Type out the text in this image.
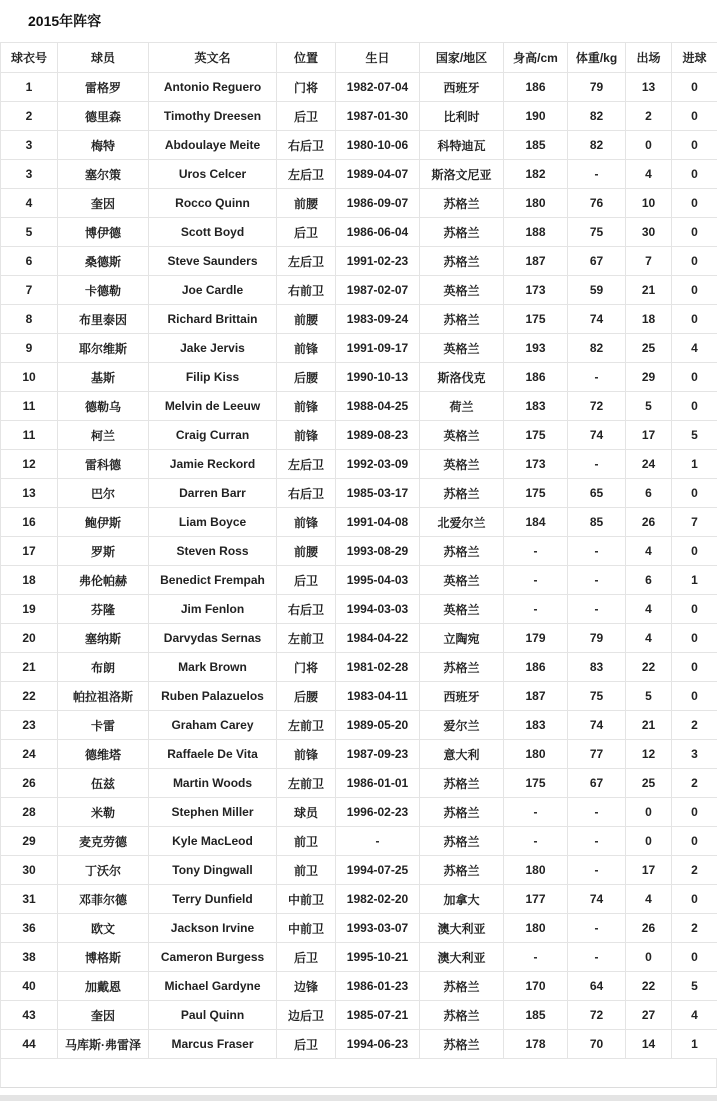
2015年阵容
球衣号	球员	英文名	位置	生日	国家/地区	身高/cm	体重/kg	出场	进球
1	雷格罗	Antonio Reguero	门将	1982-07-04	西班牙	186	79	13	0
2	德里森	Timothy Dreesen	后卫	1987-01-30	比利时	190	82	2	0
3	梅特	Abdoulaye Meite	右后卫	1980-10-06	科特迪瓦	185	82	0	0
3	塞尔策	Uros Celcer	左后卫	1989-04-07	斯洛文尼亚	182	-	4	0
4	奎因	Rocco Quinn	前腰	1986-09-07	苏格兰	180	76	10	0
5	博伊德	Scott Boyd	后卫	1986-06-04	苏格兰	188	75	30	0
6	桑德斯	Steve Saunders	左后卫	1991-02-23	苏格兰	187	67	7	0
7	卡德勒	Joe Cardle	右前卫	1987-02-07	英格兰	173	59	21	0
8	布里泰因	Richard Brittain	前腰	1983-09-24	苏格兰	175	74	18	0
9	耶尔维斯	Jake Jervis	前锋	1991-09-17	英格兰	193	82	25	4
10	基斯	Filip Kiss	后腰	1990-10-13	斯洛伐克	186	-	29	0
11	德勒乌	Melvin de Leeuw	前锋	1988-04-25	荷兰	183	72	5	0
11	柯兰	Craig Curran	前锋	1989-08-23	英格兰	175	74	17	5
12	雷科德	Jamie Reckord	左后卫	1992-03-09	英格兰	173	-	24	1
13	巴尔	Darren Barr	右后卫	1985-03-17	苏格兰	175	65	6	0
16	鲍伊斯	Liam Boyce	前锋	1991-04-08	北爱尔兰	184	85	26	7
17	罗斯	Steven Ross	前腰	1993-08-29	苏格兰	-	-	4	0
18	弗伦帕赫	Benedict Frempah	后卫	1995-04-03	英格兰	-	-	6	1
19	芬隆	Jim Fenlon	右后卫	1994-03-03	英格兰	-	-	4	0
20	塞纳斯	Darvydas Sernas	左前卫	1984-04-22	立陶宛	179	79	4	0
21	布朗	Mark Brown	门将	1981-02-28	苏格兰	186	83	22	0
22	帕拉祖洛斯	Ruben Palazuelos	后腰	1983-04-11	西班牙	187	75	5	0
23	卡雷	Graham Carey	左前卫	1989-05-20	爱尔兰	183	74	21	2
24	德维塔	Raffaele De Vita	前锋	1987-09-23	意大利	180	77	12	3
26	伍兹	Martin Woods	左前卫	1986-01-01	苏格兰	175	67	25	2
28	米勒	Stephen Miller	球员	1996-02-23	苏格兰	-	-	0	0
29	麦克劳德	Kyle MacLeod	前卫	-	苏格兰	-	-	0	0
30	丁沃尔	Tony Dingwall	前卫	1994-07-25	苏格兰	180	-	17	2
31	邓菲尔德	Terry Dunfield	中前卫	1982-02-20	加拿大	177	74	4	0
36	欧文	Jackson Irvine	中前卫	1993-03-07	澳大利亚	180	-	26	2
38	博格斯	Cameron Burgess	后卫	1995-10-21	澳大利亚	-	-	0	0
40	加戴恩	Michael Gardyne	边锋	1986-01-23	苏格兰	170	64	22	5
43	奎因	Paul Quinn	边后卫	1985-07-21	苏格兰	185	72	27	4
44	马库斯·弗雷泽	Marcus Fraser	后卫	1994-06-23	苏格兰	178	70	14	1
